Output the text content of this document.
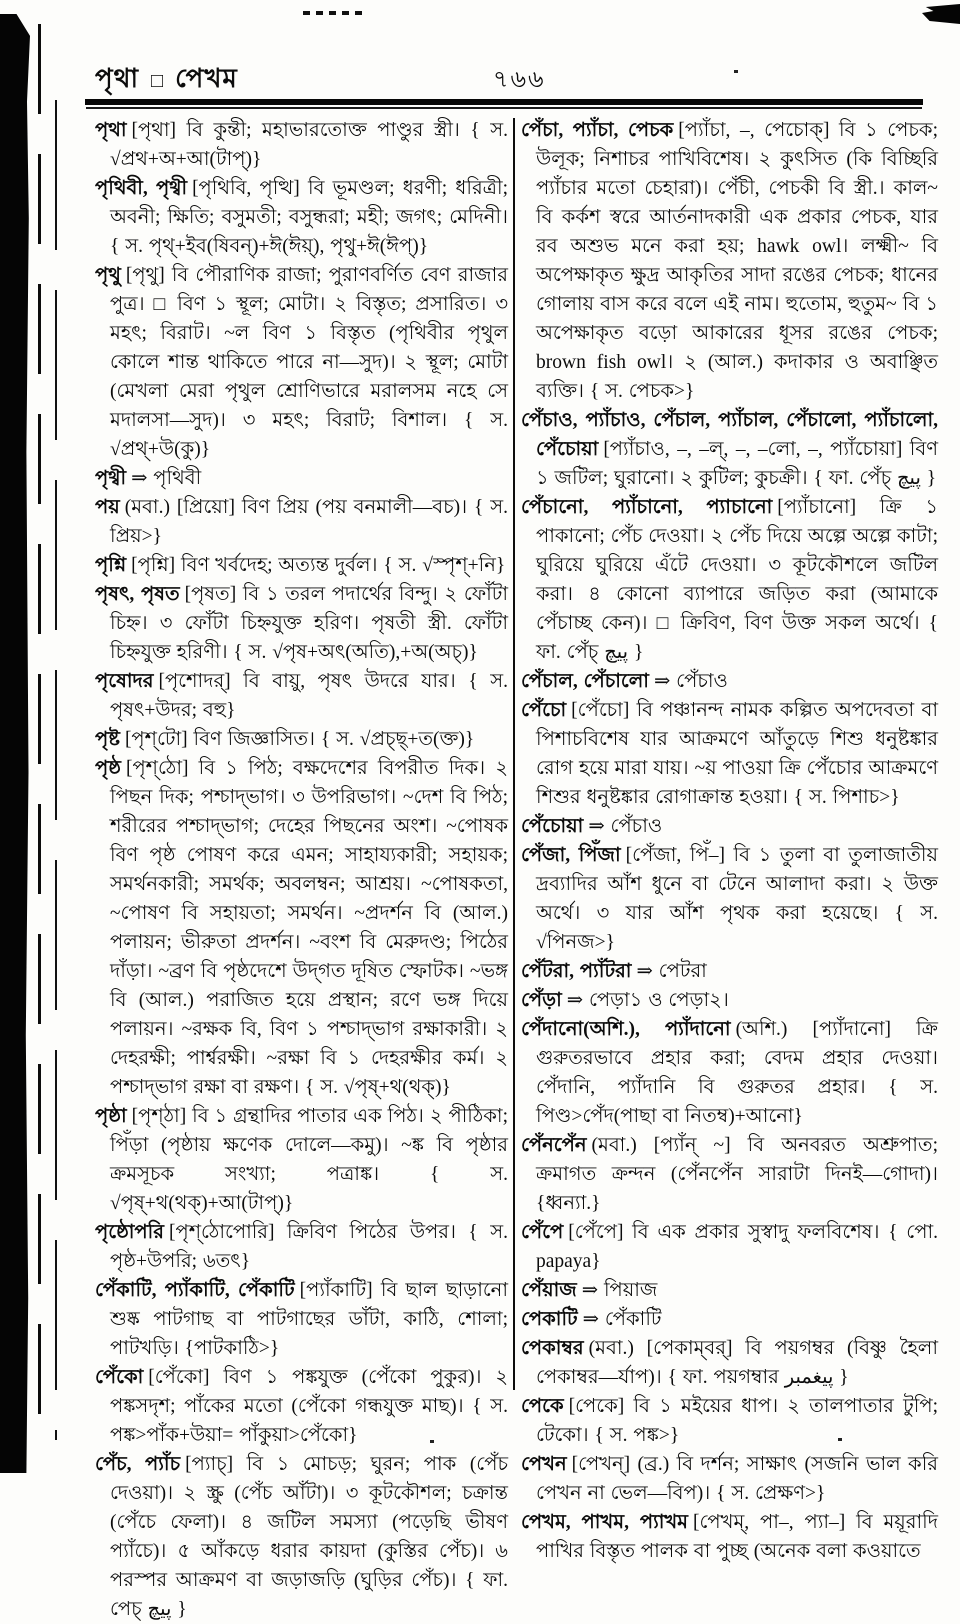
পৃথা □ পেখম	৭৬৬

পৃথা [পৃথা] বি কুন্তী; মহাভারতোক্ত পাণ্ডুর স্ত্রী। { স. √প্রথ+অ+আ(টাপ্)}

পৃথিবী, পৃথ্বী [পৃথিবি, পৃত্থি] বি ভূমণ্ডল; ধরণী; ধরিত্রী; অবনী; ক্ষিতি; বসুমতী; বসুন্ধরা; মহী; জগৎ; মেদিনী। { স. পৃথ্+ইব(ষিবন্)+ঈ(ঈয়্), পৃথু+ঈ(ঈপ্)}

পৃথু [পৃথু] বি পৌরাণিক রাজা; পুরাণবর্ণিত বেণ রাজার পুত্র। □ বিণ ১ স্থূল; মোটা। ২ বিস্তৃত; প্রসারিত। ৩ মহৎ; বিরাট। ~ল বিণ ১ বিস্তৃত (পৃথিবীর পৃথুল কোলে শান্ত থাকিতে পারে না—সুদ)। ২ স্থূল; মোটা (মেখলা মেরা পৃথুল শ্রোণিভারে মরালসম নহে সে মদালসা—সুদ)। ৩ মহৎ; বিরাট; বিশাল। { স. √প্রথ্+উ(কু)}

পৃথ্বী ⇒ পৃথিবী

পয় (মবা.) [প্রিয়ো] বিণ প্রিয় (পয় বনমালী—বচ)। { স. প্রিয়>}

পৃশ্নি [পৃশ্নি] বিণ খর্বদেহ; অত্যন্ত দুর্বল। { স. √স্পৃশ্+নি}

পৃষৎ, পৃষত [পৃষত] বি ১ তরল পদার্থের বিন্দু। ২ ফোঁটা চিহ্ন। ৩ ফোঁটা চিহ্নযুক্ত হরিণ। পৃষতী স্ত্রী. ফোঁটা চিহ্নযুক্ত হরিণী। { স. √পৃষ+অৎ(অতি),+অ(অচ্)}

পৃষোদর [পৃশোদর্] বি বায়ু, পৃষৎ উদরে যার। { স. পৃষৎ+উদর; বহু}

পৃষ্ট [পৃশ্‌টো] বিণ জিজ্ঞাসিত। { স. √প্রচ্ছ্+ত(ক্ত)}

পৃষ্ঠ [পৃশ্‌ঠো] বি ১ পিঠ; বক্ষদেশের বিপরীত দিক। ২ পিছন দিক; পশ্চাদ্‌ভাগ। ৩ উপরিভাগ। ~দেশ বি পিঠ; শরীরের পশ্চাদ্‌ভাগ; দেহের পিছনের অংশ। ~পোষক বিণ পৃষ্ঠ পোষণ করে এমন; সাহায্যকারী; সহায়ক; সমর্থনকারী; সমর্থক; অবলম্বন; আশ্রয়। ~পোষকতা, ~পোষণ বি সহায়তা; সমর্থন। ~প্রদর্শন বি (আল.) পলায়ন; ভীরুতা প্রদর্শন। ~বংশ বি মেরুদণ্ড; পিঠের দাঁড়া। ~ব্রণ বি পৃষ্ঠদেশে উদ্‌গত দূষিত স্ফোটক। ~ভঙ্গ বি (আল.) পরাজিত হয়ে প্রস্থান; রণে ভঙ্গ দিয়ে পলায়ন। ~রক্ষক বি, বিণ ১ পশ্চাদ্‌ভাগ রক্ষাকারী। ২ দেহরক্ষী; পার্শ্বরক্ষী। ~রক্ষা বি ১ দেহরক্ষীর কর্ম। ২ পশ্চাদ্‌ভাগ রক্ষা বা রক্ষণ। { স. √পৃষ্+থ(থক্)}

পৃষ্ঠা [পৃশ্‌ঠা] বি ১ গ্রন্থাদির পাতার এক পিঠ। ২ পীঠিকা; পিঁড়া (পৃষ্ঠায় ক্ষণেক দোলে—কমু)। ~ঙ্ক বি পৃষ্ঠার ক্রমসূচক সংখ্যা; পত্রাঙ্ক। { স. √পৃষ্+থ(থক্)+আ(টাপ্)}

পৃষ্ঠোপরি [পৃশ্‌ঠোপোরি] ক্রিবিণ পিঠের উপর। { স. পৃষ্ঠ+উপরি; ৬তৎ}

পেঁকাটি, প্যাঁকাটি, পেঁকাটি [প্যাঁকাটি] বি ছাল ছাড়ানো শুষ্ক পাটগাছ বা পাটগাছের ডাঁটা, কাঠি, শোলা; পাটখড়ি। {পাটকাঠি>}

পেঁকো [পেঁকো] বিণ ১ পঙ্কযুক্ত (পেঁকো পুকুর)। ২ পঙ্কসদৃশ; পাঁকের মতো (পেঁকো গন্ধযুক্ত মাছ)। { স. পঙ্ক>পাঁক+উয়া= পাঁকুয়া>পেঁকো}

পেঁচ, প্যাঁচ [প্যাচ্] বি ১ মোচড়; ঘুরন; পাক (পেঁচ দেওয়া)। ২ স্ক্রু (পেঁচ আঁটা)। ৩ কূটকৌশল; চক্রান্ত (পেঁচে ফেলা)। ৪ জটিল সমস্যা (পড়েছি ভীষণ প্যাঁচে)। ৫ আঁকড়ে ধরার কায়দা (কুস্তির পেঁচ)। ৬ পরস্পর আক্রমণ বা জড়াজড়ি (ঘুড়ির পেঁচ)। { ফা. পেচ্ پیچ }

পেঁচা, প্যাঁচা, পেচক [প্যাঁচা, –, পেচোক্] বি ১ পেচক; উলূক; নিশাচর পাখিবিশেষ। ২ কুৎসিত (কি বিচ্ছিরি প্যাঁচার মতো চেহারা)। পেঁচী, পেচকী বি স্ত্রী.। কাল~ বি কর্কশ স্বরে আর্তনাদকারী এক প্রকার পেচক, যার রব অশুভ মনে করা হয়; hawk owl। লক্ষ্মী~ বি অপেক্ষাকৃত ক্ষুদ্র আকৃতির সাদা রঙের পেচক; ধানের গোলায় বাস করে বলে এই নাম। হুতোম, হুতুম~ বি ১ অপেক্ষাকৃত বড়ো আকারের ধূসর রঙের পেচক; brown fish owl। ২ (আল.) কদাকার ও অবাঞ্ছিত ব্যক্তি। { স. পেচক>}

পেঁচাও, প্যাঁচাও, পেঁচাল, প্যাঁচাল, পেঁচালো, প্যাঁচালো, পেঁচোয়া [প্যাঁচাও, –, –ল্, –, –লো, –, প্যাঁচোয়া] বিণ ১ জটিল; ঘুরানো। ২ কুটিল; কুচক্রী। { ফা. পেঁচ্ پیچ }

পেঁচানো, প্যাঁচানো, প্যাচানো [প্যাঁচানো] ক্রি ১ পাকানো; পেঁচ দেওয়া। ২ পেঁচ দিয়ে অল্পে অল্পে কাটা; ঘুরিয়ে ঘুরিয়ে এঁটে দেওয়া। ৩ কূটকৌশলে জটিল করা। ৪ কোনো ব্যাপারে জড়িত করা (আমাকে পেঁচাচ্ছ কেন)। □ ক্রিবিণ, বিণ উক্ত সকল অর্থে। { ফা. পেঁচ্ پیچ }

পেঁচাল, পেঁচালো ⇒ পেঁচাও

পেঁচো [পেঁচো] বি পঞ্চানন্দ নামক কল্পিত অপদেবতা বা পিশাচবিশেষ যার আক্রমণে আঁতুড়ে শিশু ধনুষ্টঙ্কার রোগ হয়ে মারা যায়। ~য় পাওয়া ক্রি পেঁচোর আক্রমণে শিশুর ধনুষ্টঙ্কার রোগাক্রান্ত হওয়া। { স. পিশাচ>}

পেঁচোয়া ⇒ পেঁচাও

পেঁজা, পিঁজা [পেঁজা, পিঁ–] বি ১ তুলা বা তুলাজাতীয় দ্রব্যাদির আঁশ ধুনে বা টেনে আলাদা করা। ২ উক্ত অর্থে। ৩ যার আঁশ পৃথক করা হয়েছে। { স. √পিনজ>}

পেঁটরা, প্যাঁটরা ⇒ পেটরা

পেঁড়া ⇒ পেড়া১ ও পেড়া২।

পেঁদানো(অশি.), প্যাঁদানো (অশি.) [প্যাঁদানো] ক্রি গুরুতরভাবে প্রহার করা; বেদম প্রহার দেওয়া। পেঁদানি, প্যাঁদানি বি গুরুতর প্রহার। { স. পিণ্ড>পেঁদ(পাছা বা নিতম্ব)+আনো}

পেঁনপেঁন (মবা.) [প্যাঁন্ ~] বি অনবরত অশ্রুপাত; ক্রমাগত ক্রন্দন (পেঁনপেঁন সারাটা দিনই—গোদা)। {ধ্বন্যা.}

পেঁপে [পেঁপে] বি এক প্রকার সুস্বাদু ফলবিশেষ। { পো. papaya}

পেঁয়াজ ⇒ পিয়াজ

পেকাটি ⇒ পেঁকাটি

পেকাম্বর (মবা.) [পেকাম্‌বর্] বি পয়গম্বর (বিষ্ণু হৈলা পেকাম্বর—র্যাপ)। { ফা. পয়গম্বার پیغمبر }

পেকে [পেকে] বি ১ মইয়ের ধাপ। ২ তালপাতার টুপি; টেকো। { স. পঙ্ক>}

পেখন [পেখন্] (ব্র.) বি দর্শন; সাক্ষাৎ (সজনি ভাল করি পেখন না ভেল—বিপ)। { স. প্রেক্ষণ>}

পেখম, পাখম, প্যাখম [পেখম্, পা–, প্যা–] বি ময়ূরাদি পাখির বিস্তৃত পালক বা পুচ্ছ (অনেক বলা কওয়াতে
